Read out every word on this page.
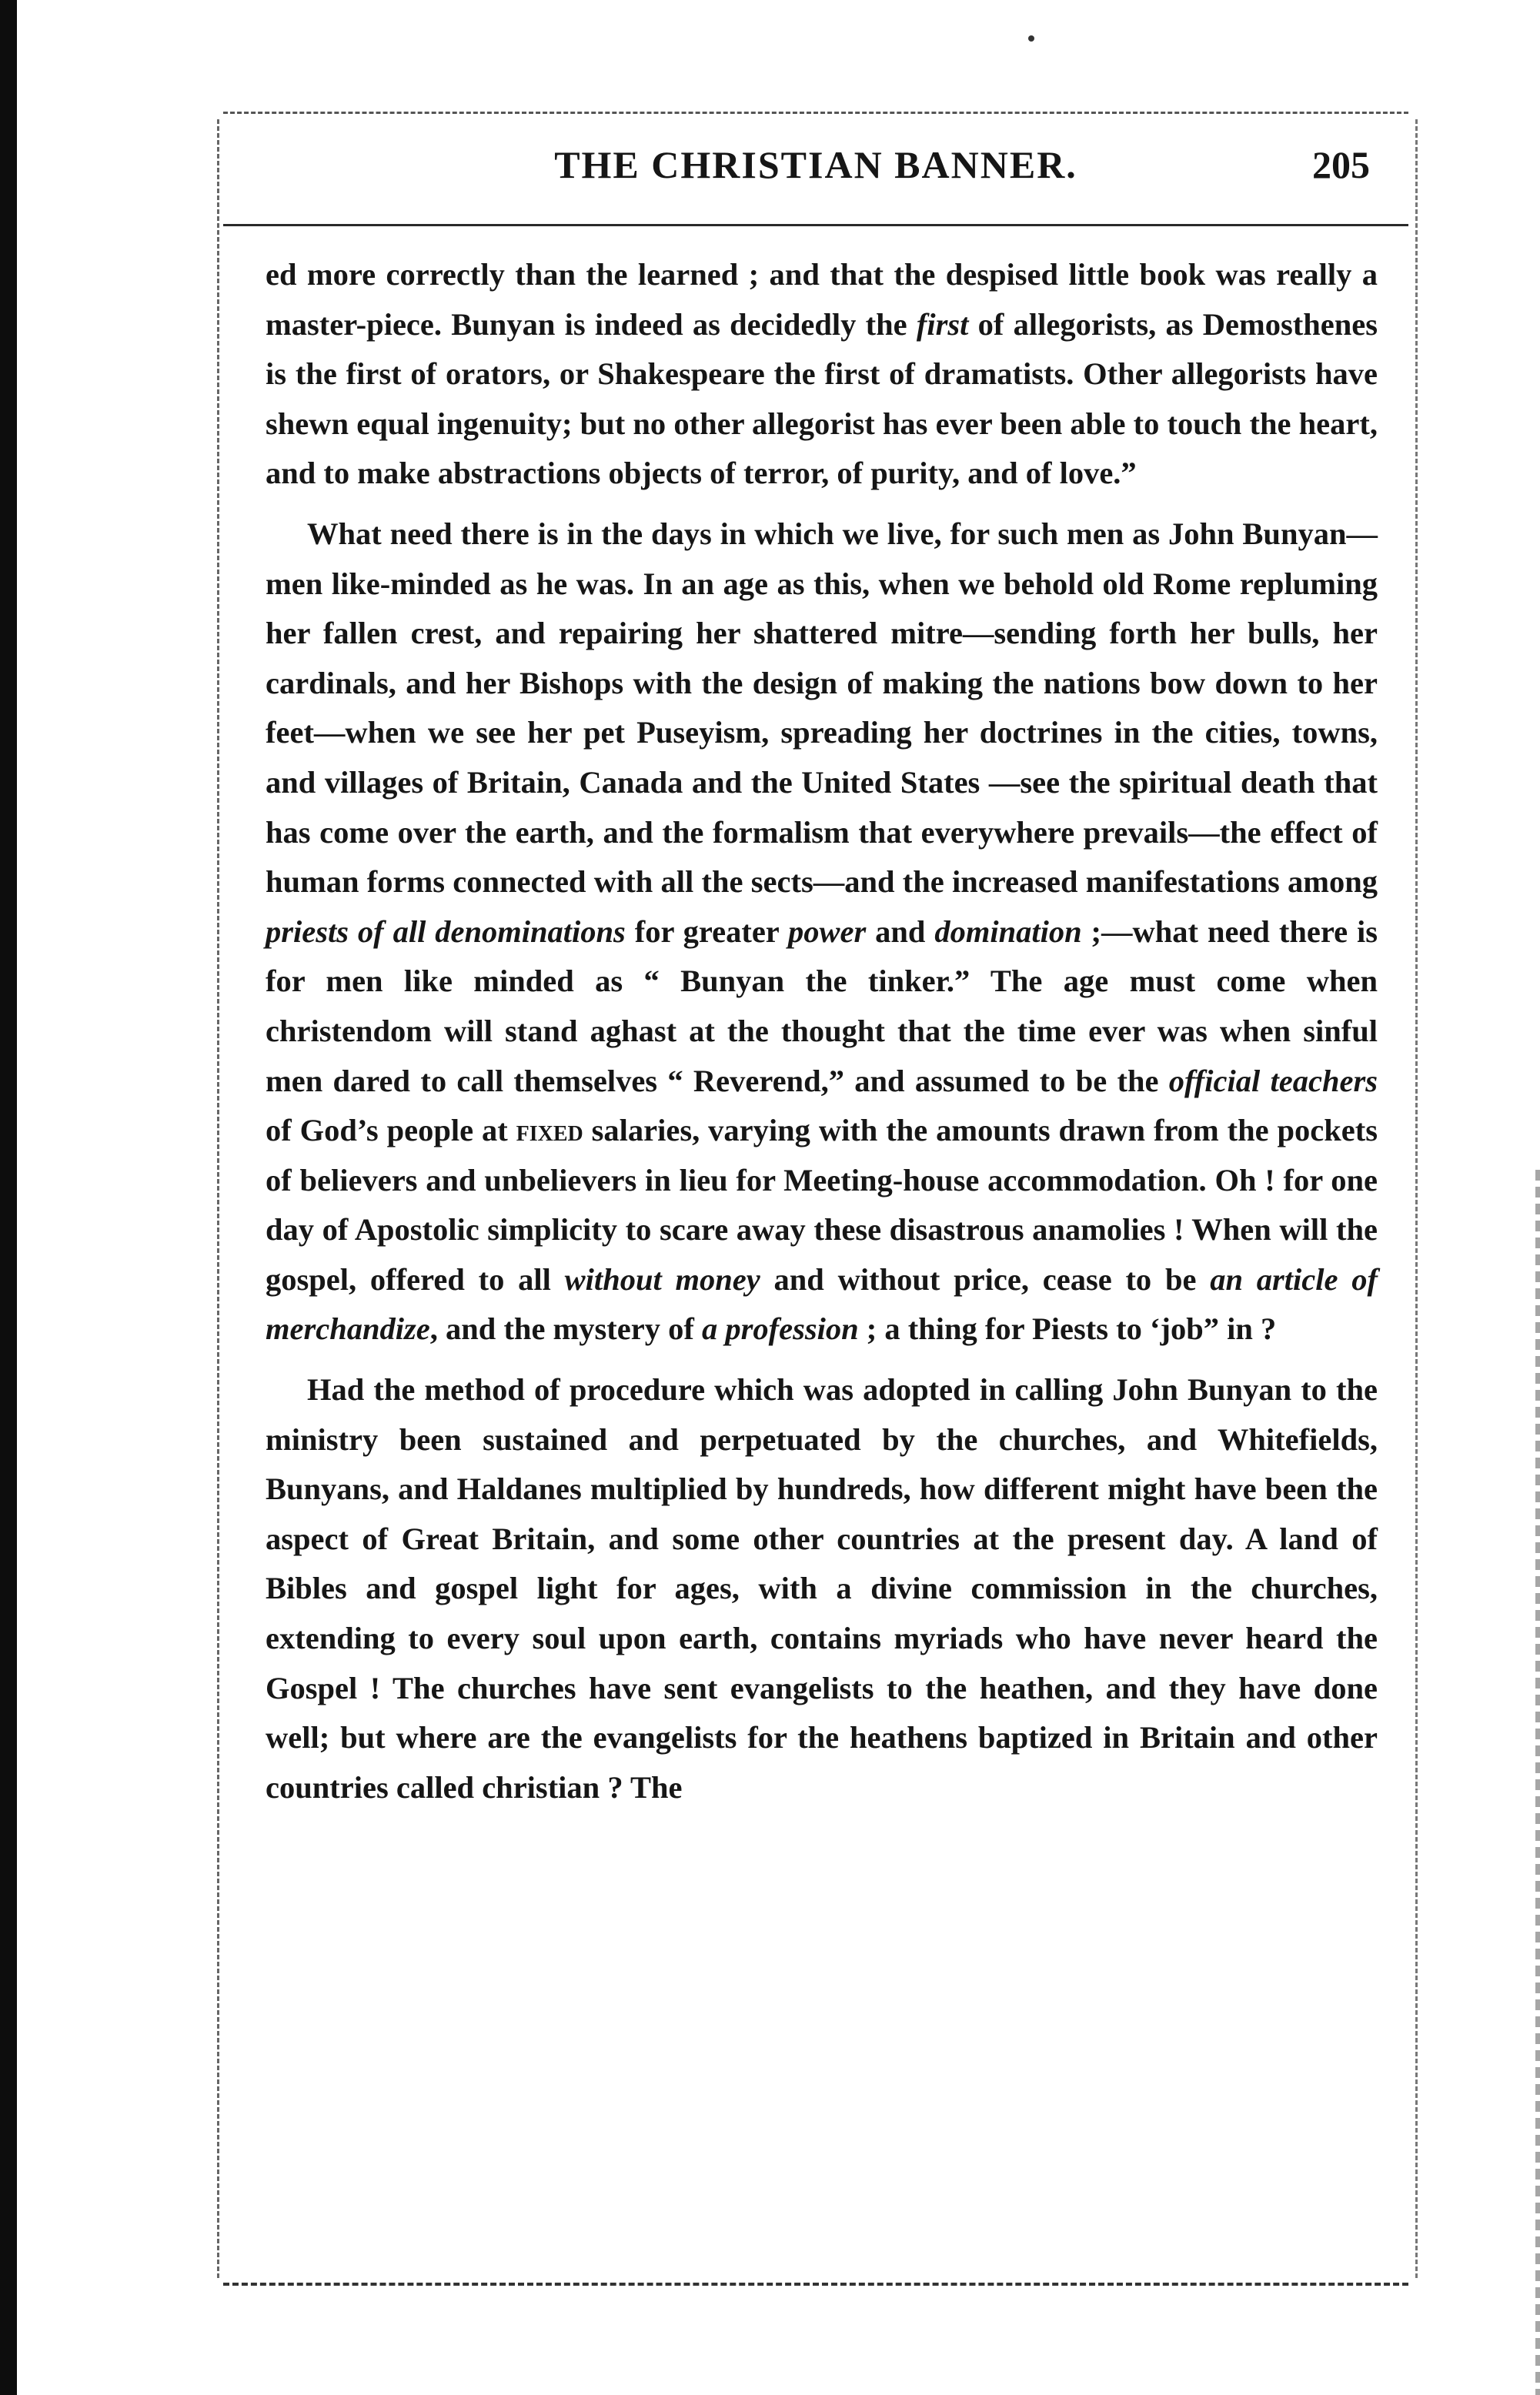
THE CHRISTIAN BANNER.	205

ed more correctly than the learned ; and that the despised little book was really a master-piece. Bunyan is indeed as decidedly the first of allegorists, as Demosthenes is the first of orators, or Shakespeare the first of dramatists. Other allegorists have shewn equal ingenuity; but no other allegorist has ever been able to touch the heart, and to make abstractions objects of terror, of purity, and of love.”

What need there is in the days in which we live, for such men as John Bunyan—men like-minded as he was. In an age as this, when we behold old Rome repluming her fallen crest, and repairing her shattered mitre—sending forth her bulls, her cardinals, and her Bishops with the design of making the nations bow down to her feet—when we see her pet Puseyism, spreading her doctrines in the cities, towns, and villages of Britain, Canada and the United States —see the spiritual death that has come over the earth, and the formalism that everywhere prevails—the effect of human forms connected with all the sects—and the increased manifestations among priests of all denominations for greater power and domination ;—what need there is for men like minded as “ Bunyan the tinker.” The age must come when christendom will stand aghast at the thought that the time ever was when sinful men dared to call themselves “ Reverend,” and assumed to be the official teachers of God’s people at fixed salaries, varying with the amounts drawn from the pockets of believers and unbelievers in lieu for Meeting-house accommodation. Oh ! for one day of Apostolic simplicity to scare away these disastrous anamolies ! When will the gospel, offered to all without money and without price, cease to be an article of merchandize, and the mystery of a profession ; a thing for Piests to ‘job” in ?

Had the method of procedure which was adopted in calling John Bunyan to the ministry been sustained and perpetuated by the churches, and Whitefields, Bunyans, and Haldanes multiplied by hundreds, how different might have been the aspect of Great Britain, and some other countries at the present day. A land of Bibles and gospel light for ages, with a divine commission in the churches, extending to every soul upon earth, contains myriads who have never heard the Gospel ! The churches have sent evangelists to the heathen, and they have done well; but where are the evangelists for the heathens baptized in Britain and other countries called christian ? The
